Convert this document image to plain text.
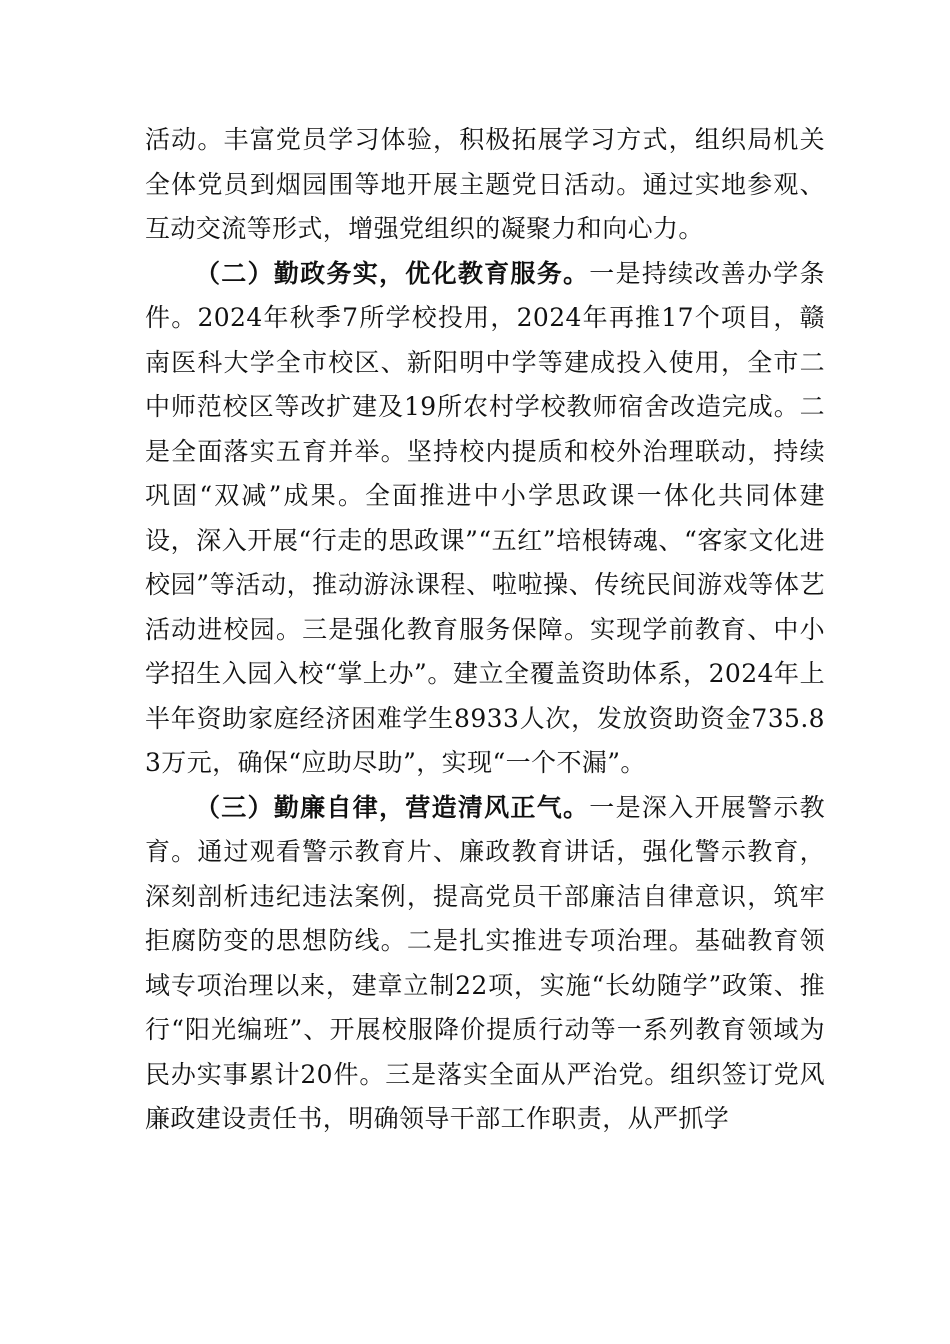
活动。丰富党员学习体验，积极拓展学习方式，组织局机关全体党员到烟园围等地开展主题党日活动。通过实地参观、互动交流等形式，增强党组织的凝聚力和向心力。

（二）勤政务实，优化教育服务。一是持续改善办学条件。2024年秋季7所学校投用，2024年再推17个项目，赣南医科大学全市校区、新阳明中学等建成投入使用，全市二中师范校区等改扩建及19所农村学校教师宿舍改造完成。二是全面落实五育并举。坚持校内提质和校外治理联动，持续巩固“双减”成果。全面推进中小学思政课一体化共同体建设，深入开展“行走的思政课”“五红”培根铸魂、“客家文化进校园”等活动，推动游泳课程、啦啦操、传统民间游戏等体艺活动进校园。三是强化教育服务保障。实现学前教育、中小学招生入园入校“掌上办”。建立全覆盖资助体系，2024年上半年资助家庭经济困难学生8933人次，发放资助资金735.83万元，确保“应助尽助”，实现“一个不漏”。

（三）勤廉自律，营造清风正气。一是深入开展警示教育。通过观看警示教育片、廉政教育讲话，强化警示教育，深刻剖析违纪违法案例，提高党员干部廉洁自律意识，筑牢拒腐防变的思想防线。二是扎实推进专项治理。基础教育领域专项治理以来，建章立制22项，实施“长幼随学”政策、推行“阳光编班”、开展校服降价提质行动等一系列教育领域为民办实事累计20件。三是落实全面从严治党。组织签订党风廉政建设责任书，明确领导干部工作职责，从严抓学
